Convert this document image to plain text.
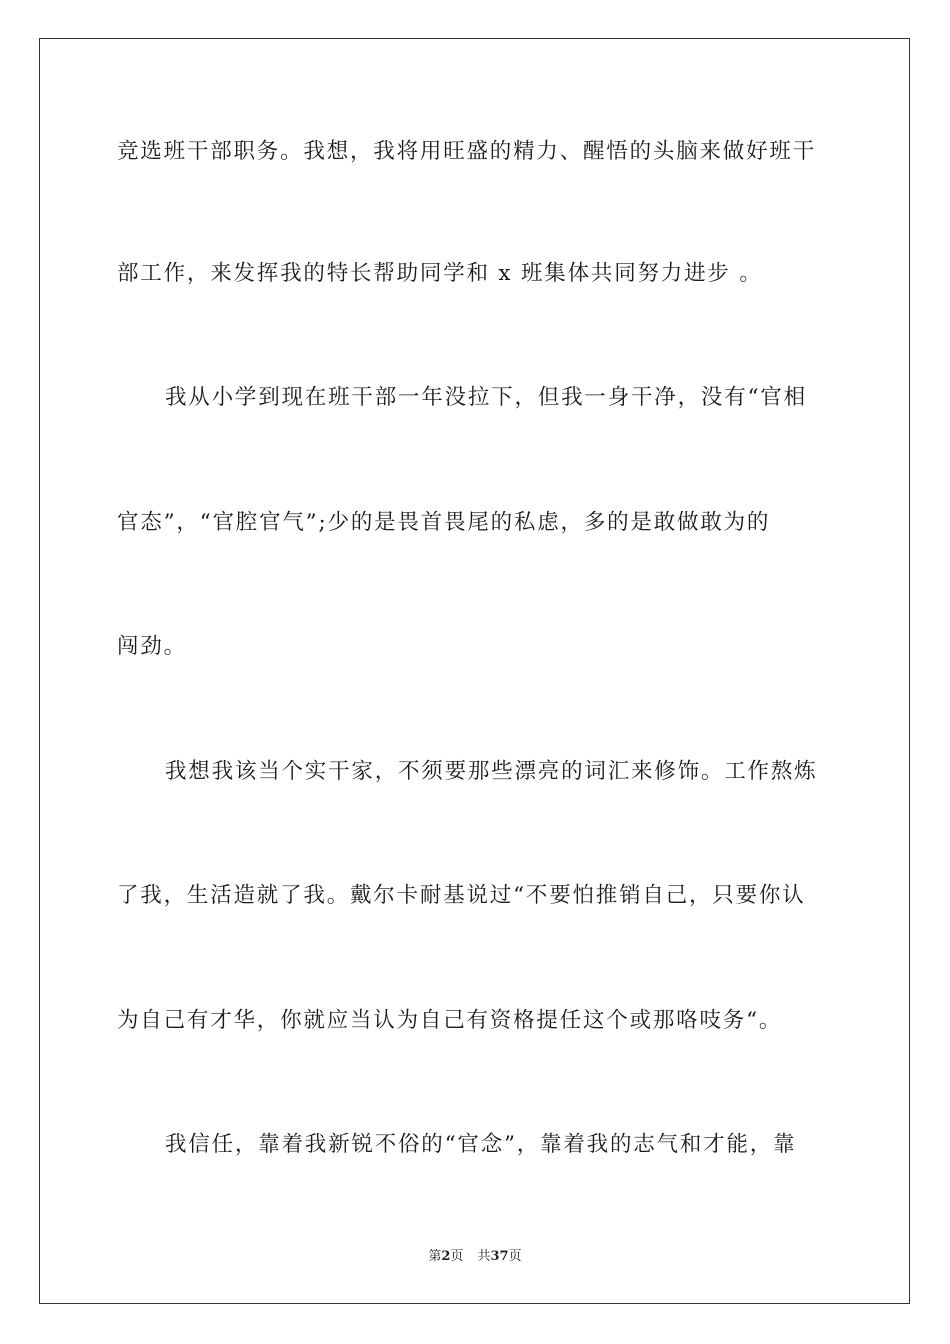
竞选班干部职务。我想，我将用旺盛的精力、醒悟的头脑来做好班干
部工作，来发挥我的特长帮助同学和 x 班集体共同努力进步 。
我从小学到现在班干部一年没拉下，但我一身干净，没有“官相
官态”，“官腔官气”;少的是畏首畏尾的私虑，多的是敢做敢为的
闯劲。
我想我该当个实干家，不须要那些漂亮的词汇来修饰。工作熬炼
了我，生活造就了我。戴尔卡耐基说过“不要怕推销自己，只要你认
为自己有才华，你就应当认为自己有资格提任这个或那咯吱务“。
我信任，靠着我新锐不俗的“官念”，靠着我的志气和才能，靠
第2页 共37页
